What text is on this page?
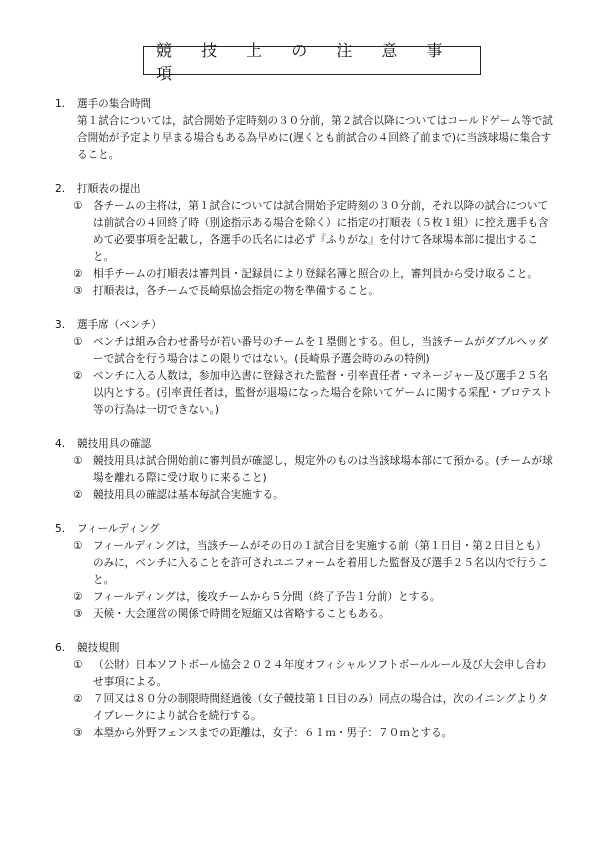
競 技 上 の 注 意 事 項
1.	選手の集合時間
第１試合については，試合開始予定時刻の３０分前，第２試合以降についてはコールドゲーム等で試合開始が予定より早まる場合もある為早めに(遅くとも前試合の４回終了前まで)に当該球場に集合すること。
2.	打順表の提出
① 各チームの主将は，第１試合については試合開始予定時刻の３０分前，それ以降の試合については前試合の４回終了時（別途指示ある場合を除く）に指定の打順表（５枚１組）に控え選手も含めて必要事項を記載し，各選手の氏名には必ず『ふりがな』を付けて各球場本部に提出すること。
② 相手チームの打順表は審判員・記録員により登録名簿と照合の上，審判員から受け取ること。
③ 打順表は，各チームで長崎県協会指定の物を準備すること。
3.	選手席（ベンチ）
① ベンチは組み合わせ番号が若い番号のチームを１塁側とする。但し，当該チームがダブルヘッダーで試合を行う場合はこの限りではない。(長崎県予選会時のみの特例)
② ベンチに入る人数は，参加申込書に登録された監督・引率責任者・マネージャー及び選手２５名以内とする。(引率責任者は，監督が退場になった場合を除いてゲームに関する采配・プロテスト等の行為は一切できない。)
4.	競技用具の確認
① 競技用具は試合開始前に審判員が確認し，規定外のものは当該球場本部にて預かる。(チームが球場を離れる際に受け取りに来ること)
② 競技用具の確認は基本毎試合実施する。
5.	フィールディング
① フィールディングは，当該チームがその日の１試合目を実施する前（第１日目・第２日目とも）のみに，ベンチに入ることを許可されユニフォームを着用した監督及び選手２５名以内で行うこと。
② フィールディングは，後攻チームから５分間（終了予告１分前）とする。
③ 天候・大会運営の関係で時間を短縮又は省略することもある。
6.	競技規則
① （公財）日本ソフトボール協会２０２４年度オフィシャルソフトボールルール及び大会申し合わせ事項による。
② ７回又は８０分の制限時間経過後（女子競技第１日目のみ）同点の場合は，次のイニングよりタイブレークにより試合を続行する。
③ 本塁から外野フェンスまでの距離は，女子：６１ｍ・男子：７０ｍとする。
